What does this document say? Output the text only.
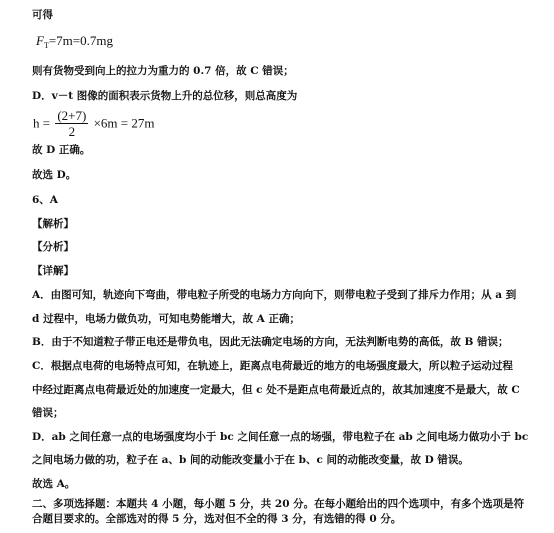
可得
$F_T=7m=0.7mg$
则有货物受到向上的拉力为重力的 0.7 倍，故 C 错误；
D．v－t 图像的面积表示货物上升的总位移，则总高度为
$h = \frac{(2+7)}{2} \times 6m = 27m$
故 D 正确。
故选 D。
6、A
【解析】
【分析】
【详解】
A．由图可知，轨迹向下弯曲，带电粒子所受的电场力方向向下，则带电粒子受到了排斥力作用；从 a 到
d 过程中，电场力做负功，可知电势能增大，故 A 正确；
B．由于不知道粒子带正电还是带负电，因此无法确定电场的方向，无法判断电势的高低，故 B 错误；
C．根据点电荷的电场特点可知，在轨迹上，距离点电荷最近的地方的电场强度最大，所以粒子运动过程
中经过距离点电荷最近处的加速度一定最大，但 c 处不是距点电荷最近点的，故其加速度不是最大，故 C
错误；
D．ab 之间任意一点的电场强度均小于 bc 之间任意一点的场强，带电粒子在 ab 之间电场力做功小于 bc
之间电场力做的功，粒子在 a、b 间的动能改变量小于在 b、c 间的动能改变量，故 D 错误。
故选 A。
二、多项选择题：本题共 4 小题，每小题 5 分，共 20 分。在每小题给出的四个选项中，有多个选项是符
合题目要求的。全部选对的得 5 分，选对但不全的得 3 分，有选错的得 0 分。
